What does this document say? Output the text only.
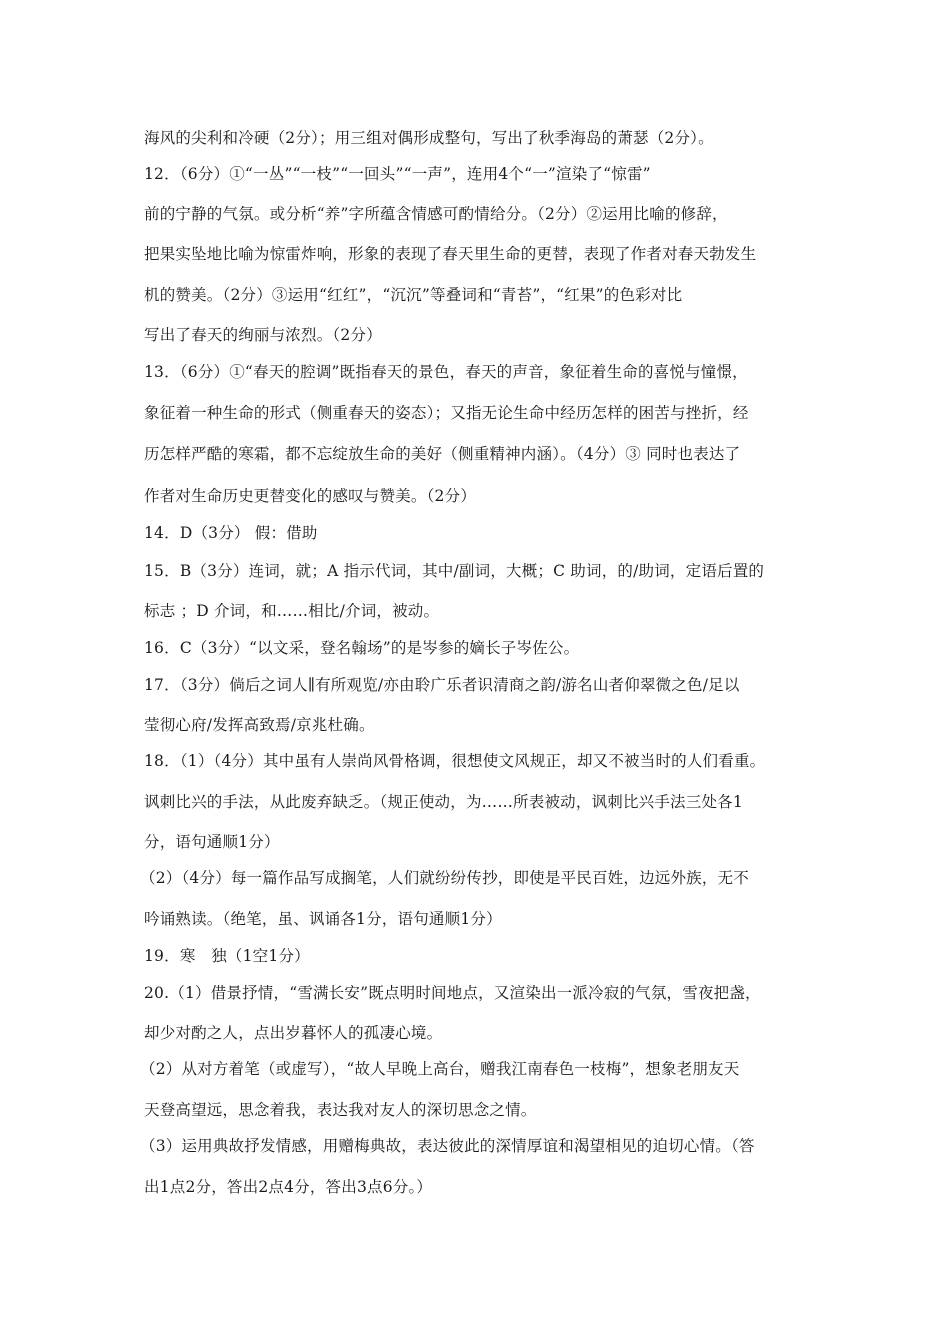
海风的尖利和冷硬（2分）；用三组对偶形成整句，写出了秋季海岛的萧瑟（2分）。
12．（6分）①“一丛”“一枝”“一回头”“一声”，连用4个“一”渲染了“惊雷”
前的宁静的气氛。或分析“养”字所蕴含情感可酌情给分。（2分）②运用比喻的修辞，
把果实坠地比喻为惊雷炸响，形象的表现了春天里生命的更替，表现了作者对春天勃发生
机的赞美。（2分）③运用“红红”，“沉沉”等叠词和“青苔”，“红果”的色彩对比
写出了春天的绚丽与浓烈。（2分）
13．（6分）①“春天的腔调”既指春天的景色，春天的声音，象征着生命的喜悦与憧憬，
象征着一种生命的形式（侧重春天的姿态）；又指无论生命中经历怎样的困苦与挫折，经
历怎样严酷的寒霜，都不忘绽放生命的美好（侧重精神内涵）。（4分）③ 同时也表达了
作者对生命历史更替变化的感叹与赞美。（2分）
14．D（3分） 假：借助
15．B（3分）连词，就；A 指示代词，其中/副词，大概；C 助词，的/助词，定语后置的
标志 ；D 介词，和……相比/介词，被动。
16．C（3分）“以文采，登名翰场”的是岑参的嫡长子岑佐公。
17．（3分）倘后之词人∥有所观览/亦由聆广乐者识清商之韵/游名山者仰翠微之色/足以
莹彻心府/发挥高致焉/京兆杜确。
18．（1）（4分）其中虽有人崇尚风骨格调，很想使文风规正，却又不被当时的人们看重。
讽刺比兴的手法，从此废弃缺乏。（规正使动，为……所表被动，讽刺比兴手法三处各1
分，语句通顺1分）
（2）（4分）每一篇作品写成搁笔，人们就纷纷传抄，即使是平民百姓，边远外族，无不
吟诵熟读。（绝笔，虽、讽诵各1分，语句通顺1分）
19．寒　独（1空1分）
20.（1）借景抒情，“雪满长安”既点明时间地点，又渲染出一派冷寂的气氛，雪夜把盏，
却少对酌之人，点出岁暮怀人的孤凄心境。
（2）从对方着笔（或虚写），“故人早晚上高台，赠我江南春色一枝梅”，想象老朋友天
天登高望远，思念着我，表达我对友人的深切思念之情。
（3）运用典故抒发情感，用赠梅典故，表达彼此的深情厚谊和渴望相见的迫切心情。（答
出1点2分，答出2点4分，答出3点6分。）
